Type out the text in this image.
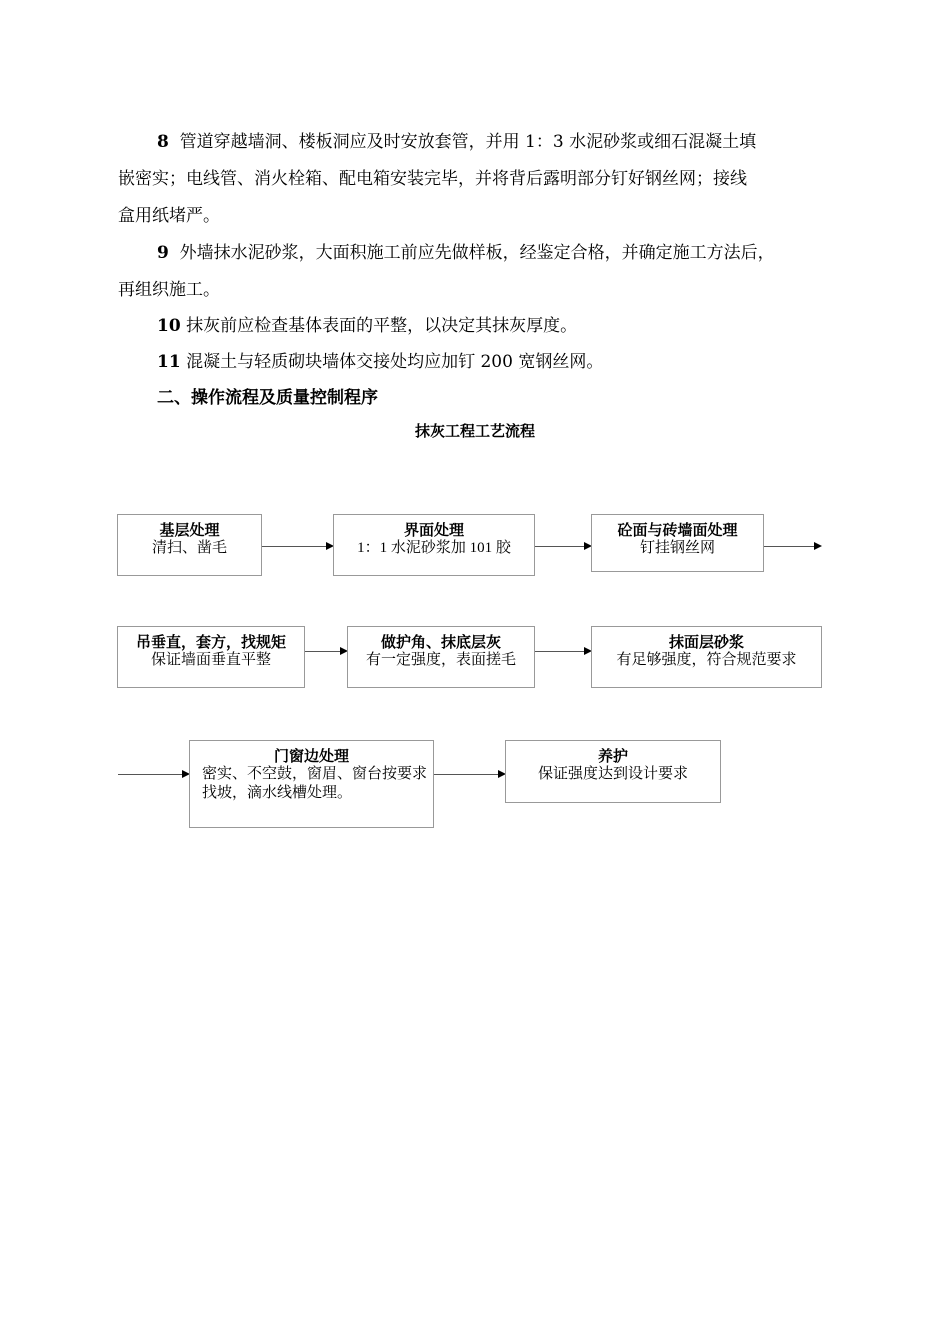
8 管道穿越墙洞、楼板洞应及时安放套管，并用 1：3 水泥砂浆或细石混凝土填
嵌密实；电线管、消火栓箱、配电箱安装完毕，并将背后露明部分钉好钢丝网；接线
盒用纸堵严。
9 外墙抹水泥砂浆，大面积施工前应先做样板，经鉴定合格，并确定施工方法后，
再组织施工。
10 抹灰前应检查基体表面的平整，以决定其抹灰厚度。
11 混凝土与轻质砌块墙体交接处均应加钉 200 宽钢丝网。
二、操作流程及质量控制程序
抹灰工程工艺流程
基层处理
清扫、凿毛
界面处理
1：1 水泥砂浆加 101 胶
砼面与砖墙面处理
钉挂钢丝网
吊垂直，套方，找规矩
保证墙面垂直平整
做护角、抹底层灰
有一定强度，表面搓毛
抹面层砂浆
有足够强度，符合规范要求
门窗边处理
密实、不空鼓，窗眉、窗台按要求找坡，滴水线槽处理。
养护
保证强度达到设计要求
